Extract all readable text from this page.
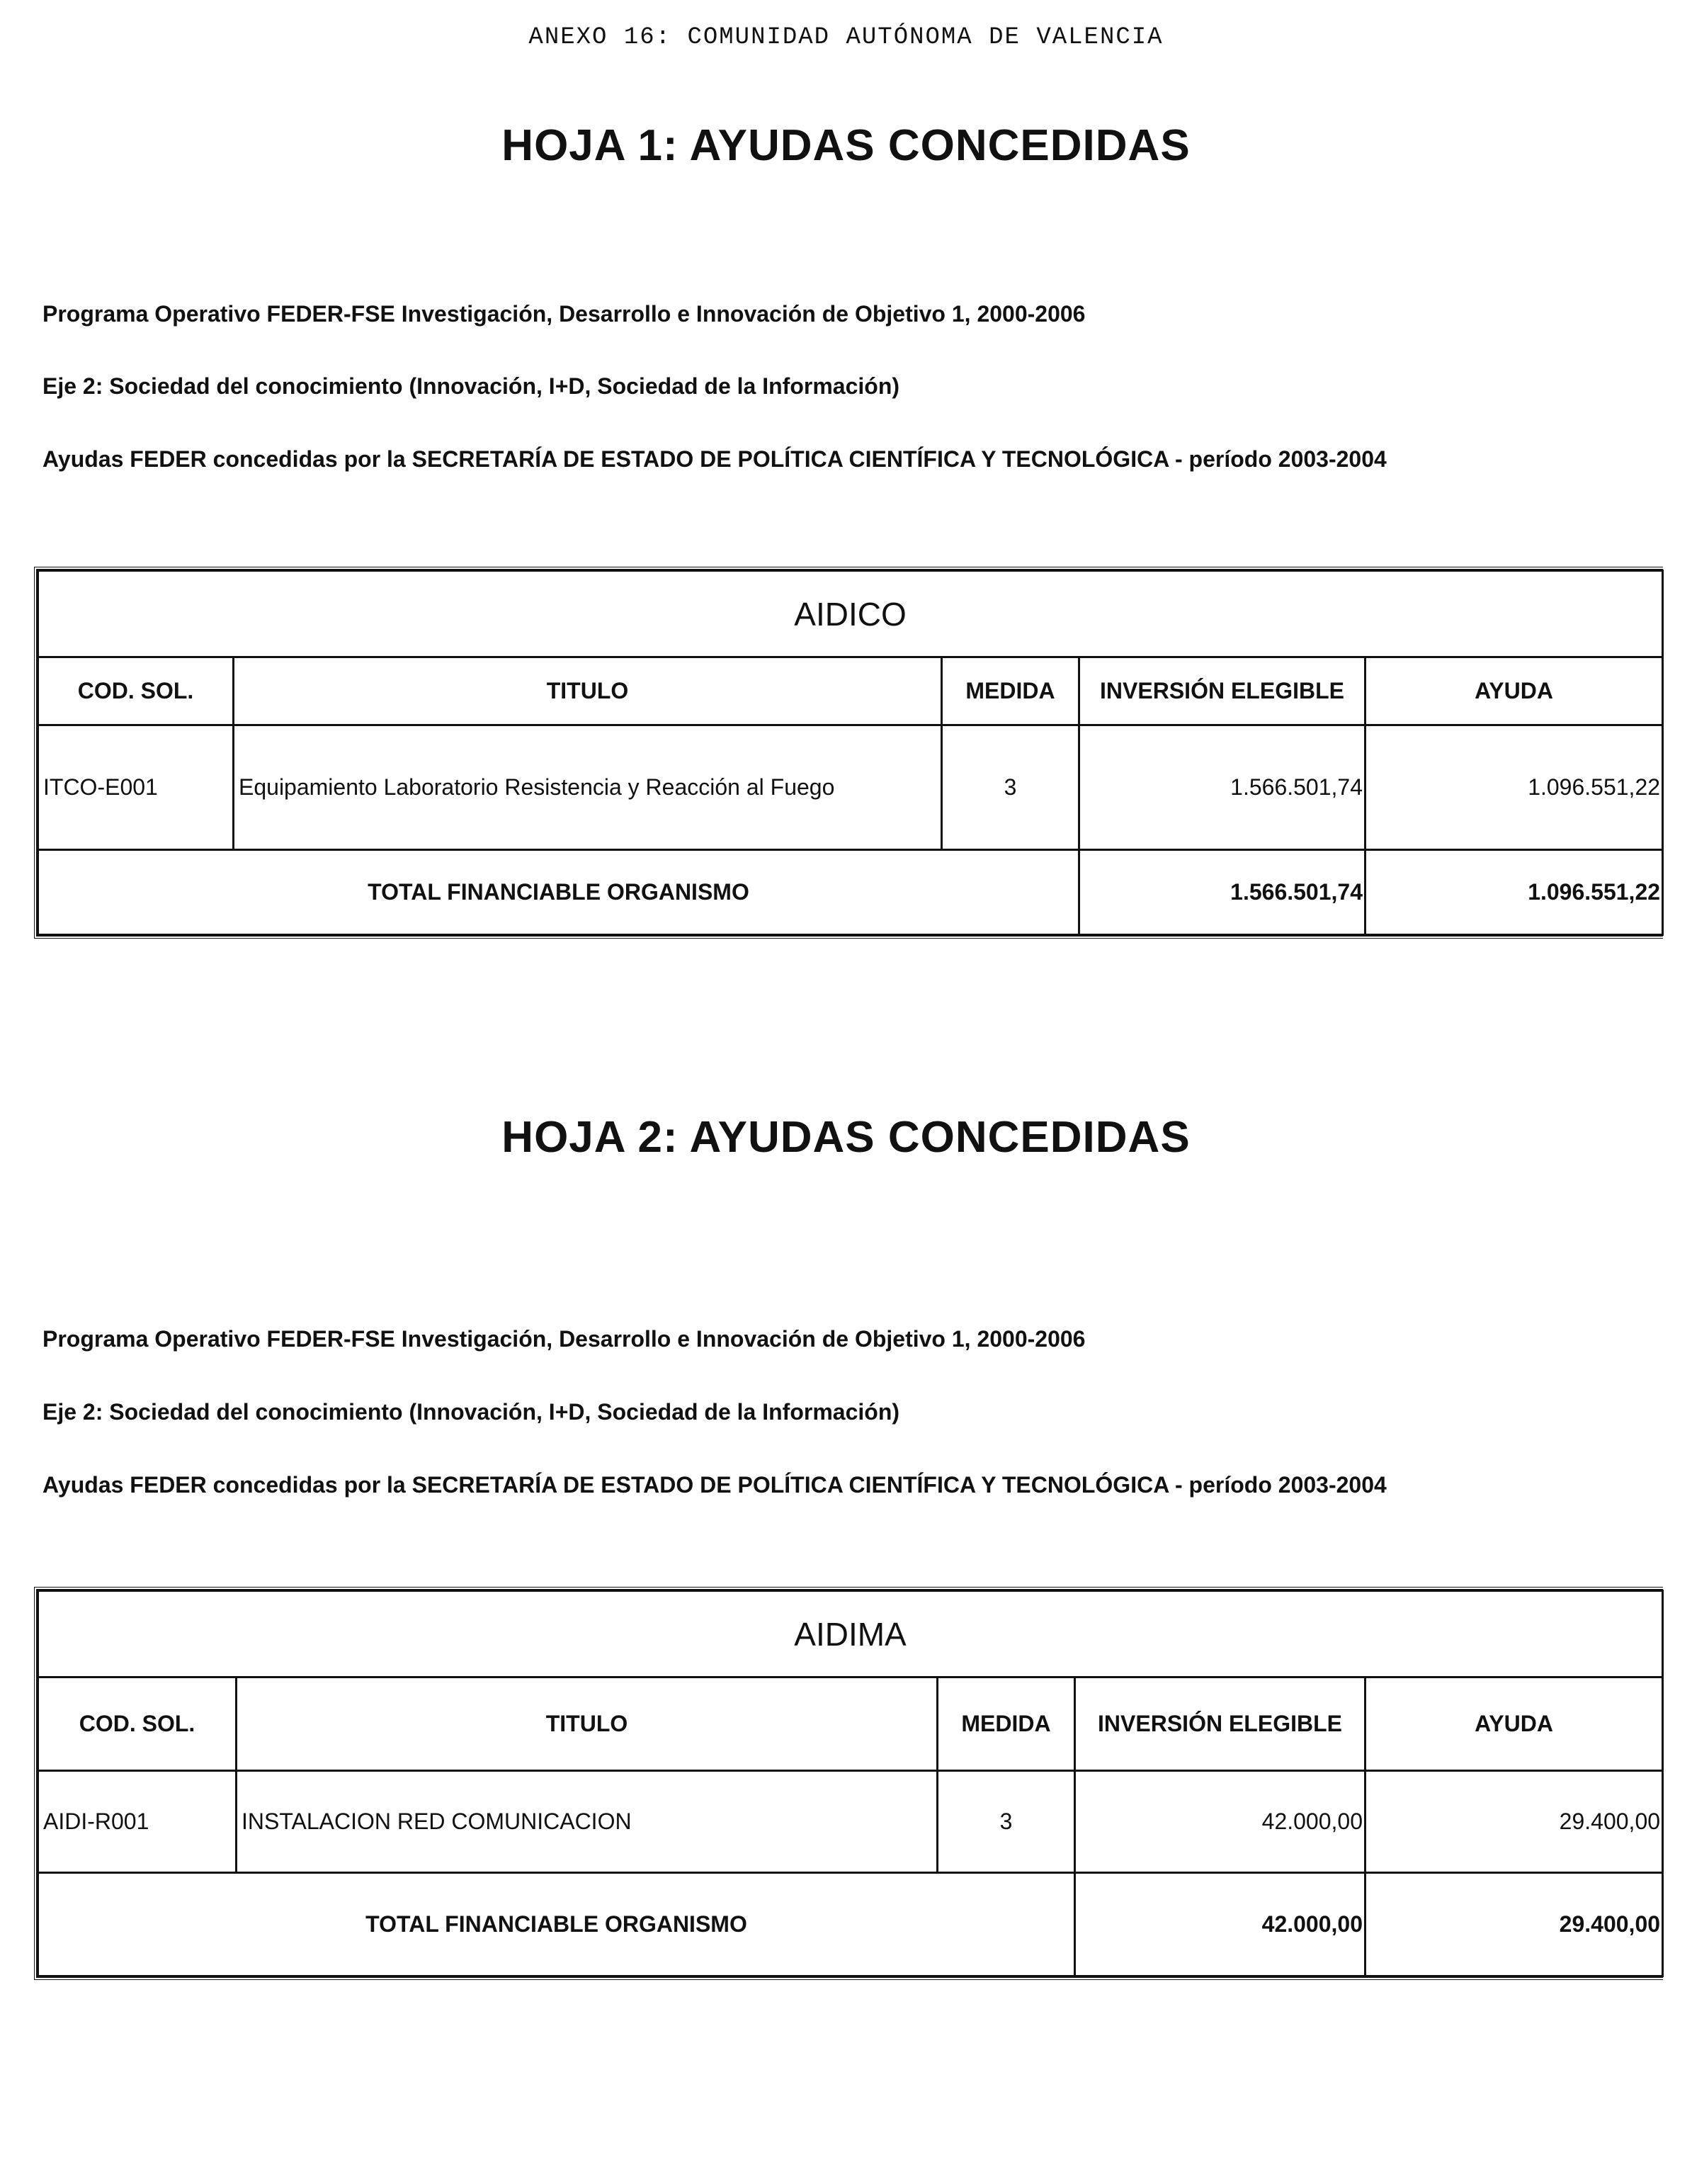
ANEXO 16: COMUNIDAD AUTÓNOMA DE VALENCIA
HOJA 1: AYUDAS CONCEDIDAS
Programa Operativo FEDER-FSE Investigación, Desarrollo e Innovación de Objetivo 1, 2000-2006
Eje 2: Sociedad del conocimiento (Innovación, I+D, Sociedad de la Información)
Ayudas FEDER concedidas por la SECRETARÍA DE ESTADO DE POLÍTICA CIENTÍFICA Y TECNOLÓGICA - período 2003-2004
AIDICO				
COD. SOL.	TITULO	MEDIDA	INVERSIÓN ELEGIBLE	AYUDA
ITCO-E001	Equipamiento Laboratorio Resistencia y Reacción al Fuego	3	1.566.501,74	1.096.551,22
TOTAL FINANCIABLE ORGANISMO			1.566.501,74	1.096.551,22
HOJA 2: AYUDAS CONCEDIDAS
Programa Operativo FEDER-FSE Investigación, Desarrollo e Innovación de Objetivo 1, 2000-2006
Eje 2: Sociedad del conocimiento (Innovación, I+D, Sociedad de la Información)
Ayudas FEDER concedidas por la SECRETARÍA DE ESTADO DE POLÍTICA CIENTÍFICA Y TECNOLÓGICA - período 2003-2004
AIDIMA				
COD. SOL.	TITULO	MEDIDA	INVERSIÓN ELEGIBLE	AYUDA
AIDI-R001	INSTALACION RED COMUNICACION	3	42.000,00	29.400,00
TOTAL FINANCIABLE ORGANISMO			42.000,00	29.400,00
